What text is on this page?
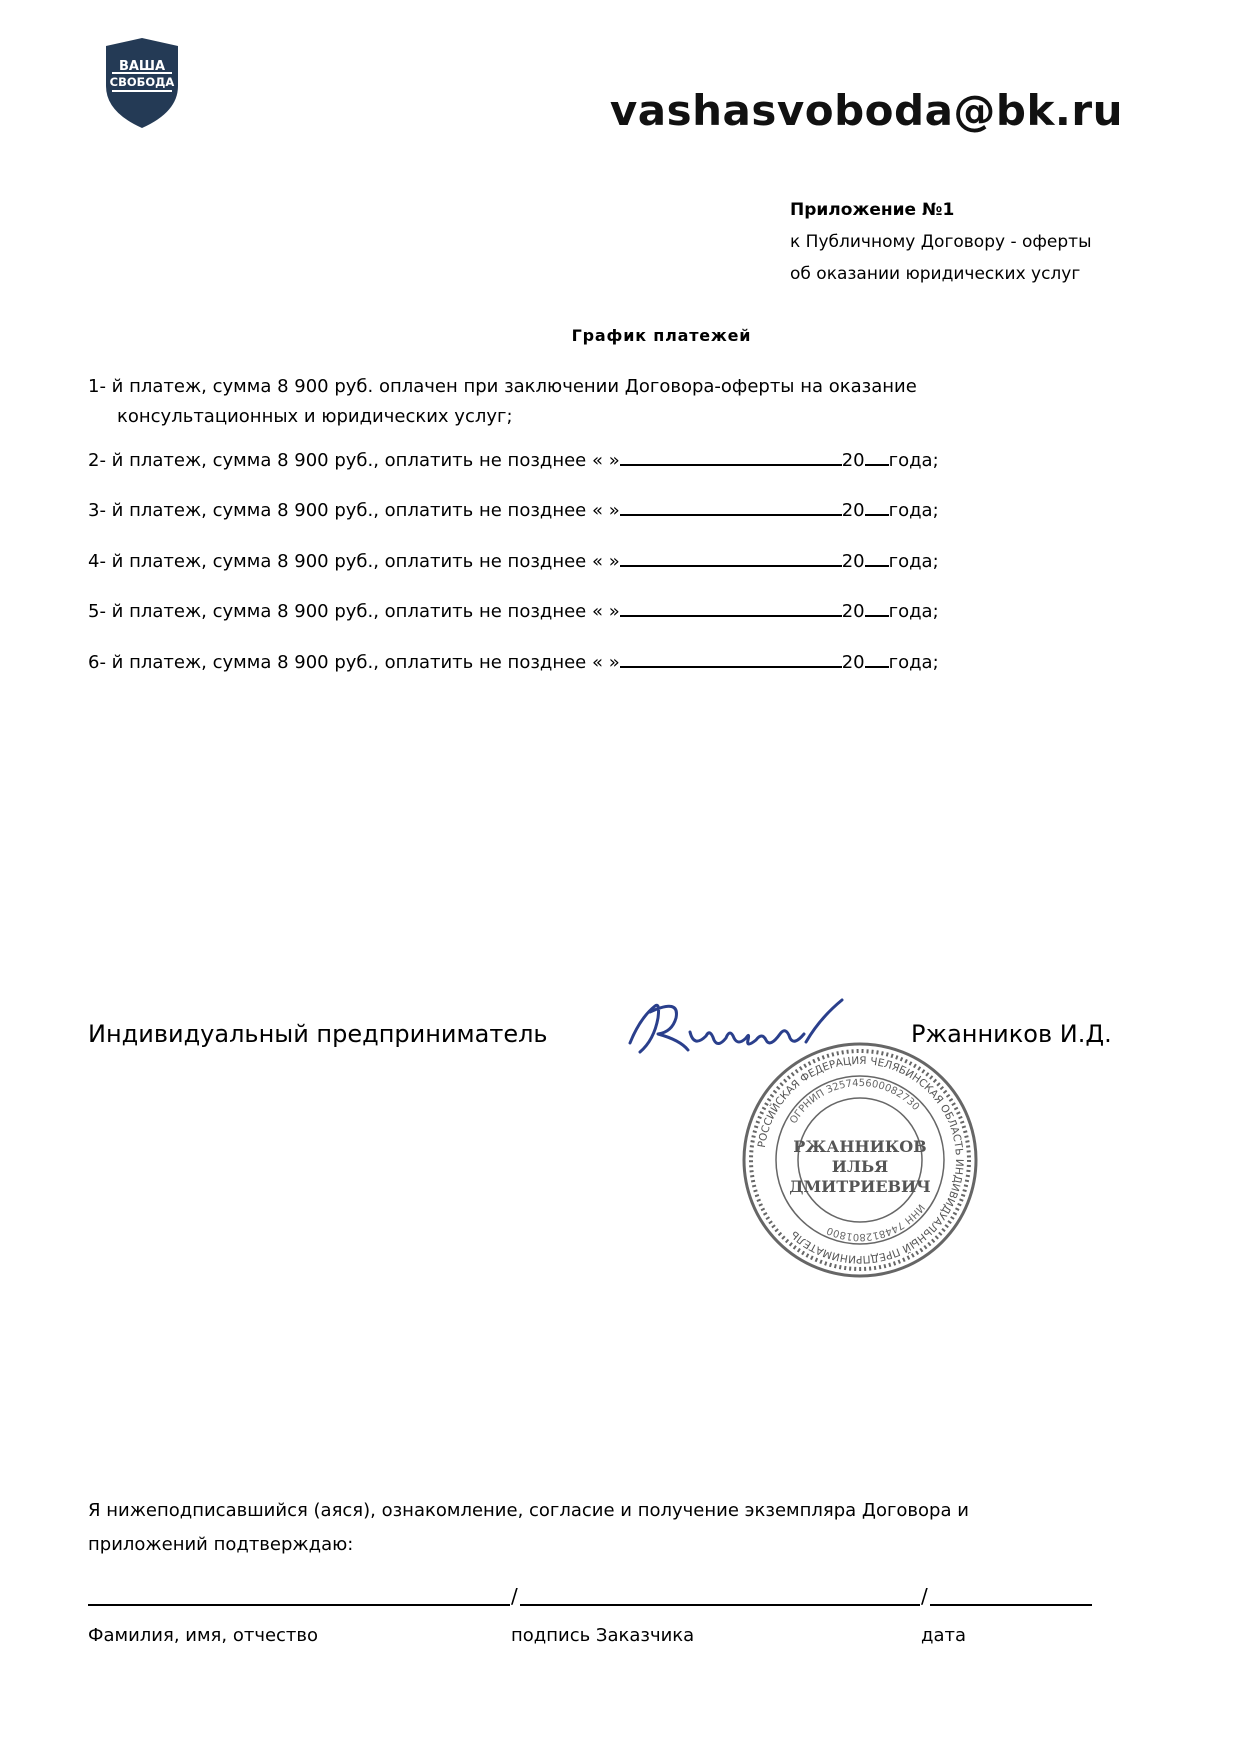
ВАША
СВОБОДА
vashasvoboda@bk.ru
Приложение №1
к Публичному Договору - оферты
об оказании юридических услуг
График платежей
1- й платеж, сумма 8 900 руб. оплачен при заключении Договора-оферты на оказание
консультационных и юридических услуг;
2- й платеж, сумма 8 900 руб., оплатить не позднее « »	20 года;
3- й платеж, сумма 8 900 руб., оплатить не позднее « »	20 года;
4- й платеж, сумма 8 900 руб., оплатить не позднее « »	20 года;
5- й платеж, сумма 8 900 руб., оплатить не позднее « »	20 года;
6- й платеж, сумма 8 900 руб., оплатить не позднее « »	20 года;
Индивидуальный предприниматель	Ржанников И.Д.
РОССИЙСКАЯ ФЕДЕРАЦИЯ ЧЕЛЯБИНСКАЯ ОБЛАСТЬ ИНДИВИДУАЛЬНЫЙ ПРЕДПРИНИМАТЕЛЬ
ОГРНИП 325745600082730
ИНН 744812801800
РЖАННИКОВ
ИЛЬЯ
ДМИТРИЕВИЧ
Я нижеподписавшийся (аяся), ознакомление, согласие и получение экземпляра Договора и
приложений подтверждаю:
/	/
Фамилия, имя, отчество	подпись Заказчика	дата
